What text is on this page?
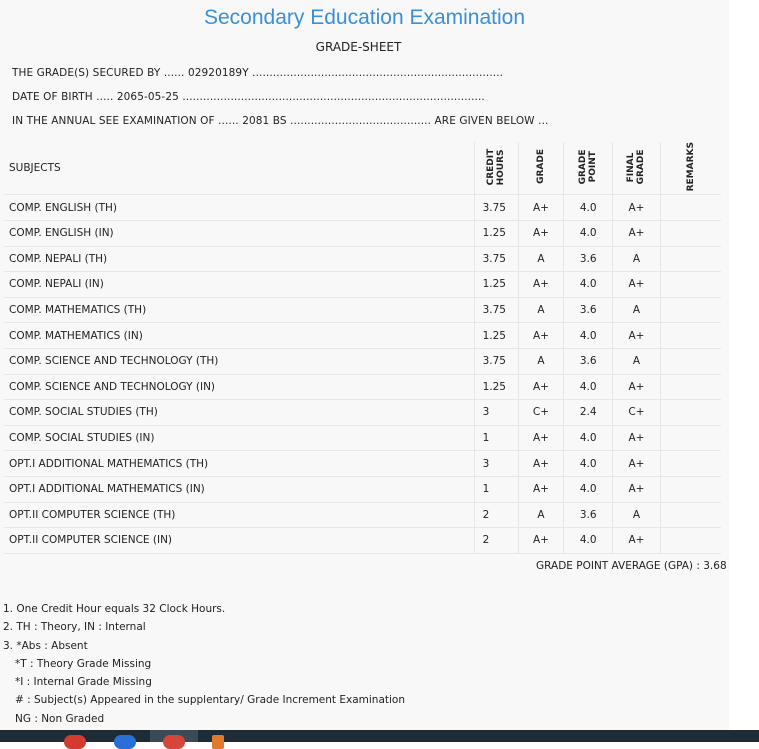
Secondary Education Examination
GRADE-SHEET
THE GRADE(S) SECURED BY ...... 02920189Y .........................................................................
DATE OF BIRTH ..... 2065-05-25 ........................................................................................
IN THE ANNUAL SEE EXAMINATION OF ...... 2081 BS ......................................... ARE GIVEN BELOW ...
SUBJECTS	CREDIT HOURS	GRADE	GRADE POINT	FINAL GRADE	REMARKS
COMP. ENGLISH (TH)	3.75	A+	4.0	A+	
COMP. ENGLISH (IN)	1.25	A+	4.0	A+	
COMP. NEPALI (TH)	3.75	A	3.6	A	
COMP. NEPALI (IN)	1.25	A+	4.0	A+	
COMP. MATHEMATICS (TH)	3.75	A	3.6	A	
COMP. MATHEMATICS (IN)	1.25	A+	4.0	A+	
COMP. SCIENCE AND TECHNOLOGY (TH)	3.75	A	3.6	A	
COMP. SCIENCE AND TECHNOLOGY (IN)	1.25	A+	4.0	A+	
COMP. SOCIAL STUDIES (TH)	3	C+	2.4	C+	
COMP. SOCIAL STUDIES (IN)	1	A+	4.0	A+	
OPT.I ADDITIONAL MATHEMATICS (TH)	3	A+	4.0	A+	
OPT.I ADDITIONAL MATHEMATICS (IN)	1	A+	4.0	A+	
OPT.II COMPUTER SCIENCE (TH)	2	A	3.6	A	
OPT.II COMPUTER SCIENCE (IN)	2	A+	4.0	A+	
GRADE POINT AVERAGE (GPA) : 3.68
1. One Credit Hour equals 32 Clock Hours.
2. TH : Theory, IN : Internal
3. *Abs : Absent
*T : Theory Grade Missing
*I : Internal Grade Missing
# : Subject(s) Appeared in the supplentary/ Grade Increment Examination
NG : Non Graded
